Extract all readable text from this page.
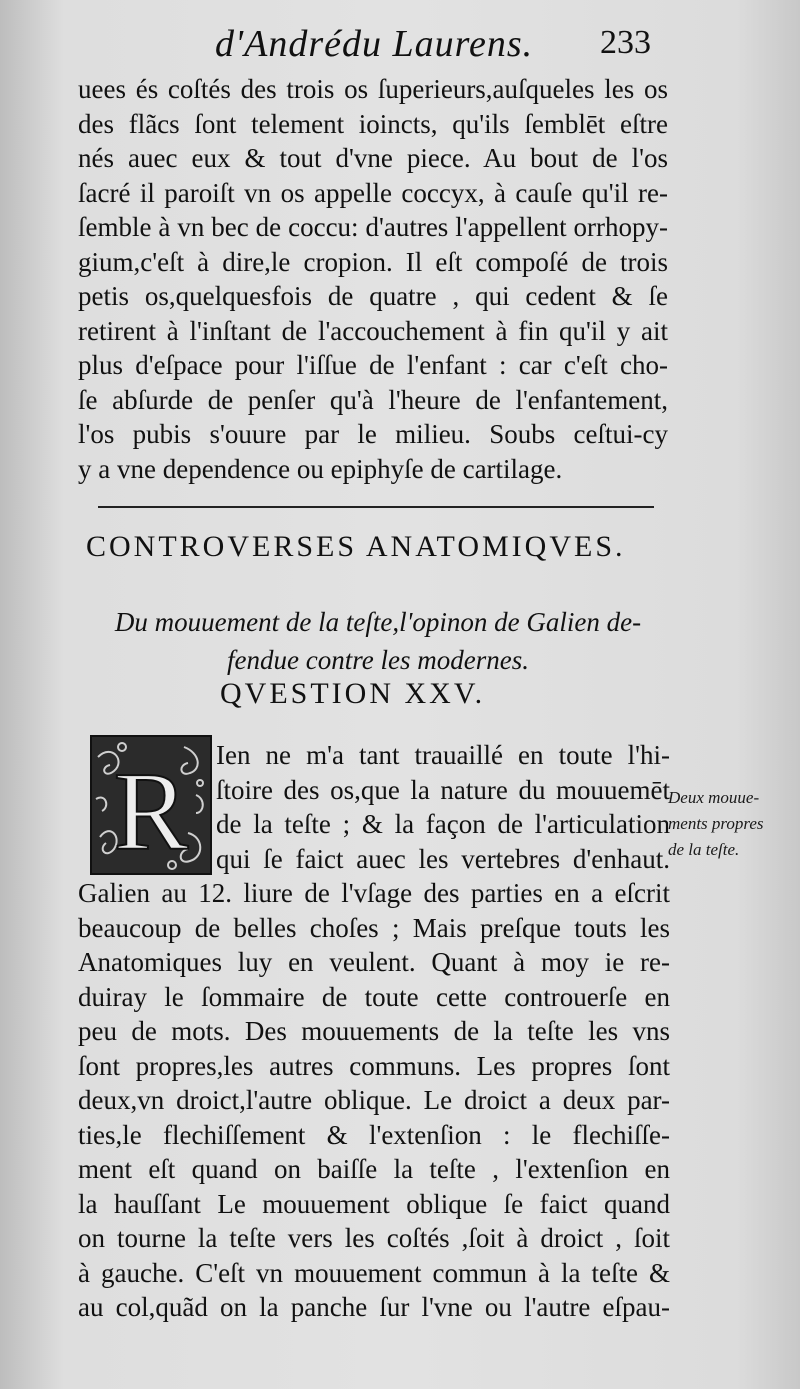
d'Andrédu Laurens. 233
uees és coſtés des trois os ſuperieurs,auſqueles les os
des flãcs ſont telement ioincts, qu'ils ſemblēt eſtre
nés auec eux & tout d'vne piece. Au bout de l'os
ſacré il paroiſt vn os appelle coccyx, à cauſe qu'il re-
ſemble à vn bec de coccu: d'autres l'appellent orrhopy-
gium,c'eſt à dire,le cropion. Il eſt compoſé de trois
petis os,quelquesfois de quatre , qui cedent & ſe
retirent à l'inſtant de l'accouchement à fin qu'il y ait
plus d'eſpace pour l'iſſue de l'enfant : car c'eſt cho-
ſe abſurde de penſer qu'à l'heure de l'enfantement,
l'os pubis s'ouure par le milieu. Soubs ceſtui-cy
y a vne dependence ou epiphyſe de cartilage.
CONTROVERSES ANATOMIQVES.
Du mouuement de la teſte,l'opinon de Galien de-
fendue contre les modernes.
QVESTION XXV.
R	Ien ne m'a tant trauaillé en toute l'hi-
ſtoire des os,que la nature du mouuemēt
de la teſte ; & la façon de l'articulation
qui ſe faict auec les vertebres d'enhaut.
Galien au 12. liure de l'vſage des parties en a eſcrit
beaucoup de belles choſes ; Mais preſque touts les
Anatomiques luy en veulent. Quant à moy ie re-
duiray le ſommaire de toute cette controuerſe en
peu de mots. Des mouuements de la teſte les vns
ſont propres,les autres communs. Les propres ſont
deux,vn droict,l'autre oblique. Le droict a deux par-
ties,le flechiſſement & l'extenſion : le flechiſſe-
ment eſt quand on baiſſe la teſte , l'extenſion en
la hauſſant Le mouuement oblique ſe faict quand
on tourne la teſte vers les coſtés ,ſoit à droict , ſoit
à gauche. C'eſt vn mouuement commun à la teſte &
au col,quãd on la panche ſur l'vne ou l'autre eſpau-
Deux mouue-
ments propres
de la teſte.
